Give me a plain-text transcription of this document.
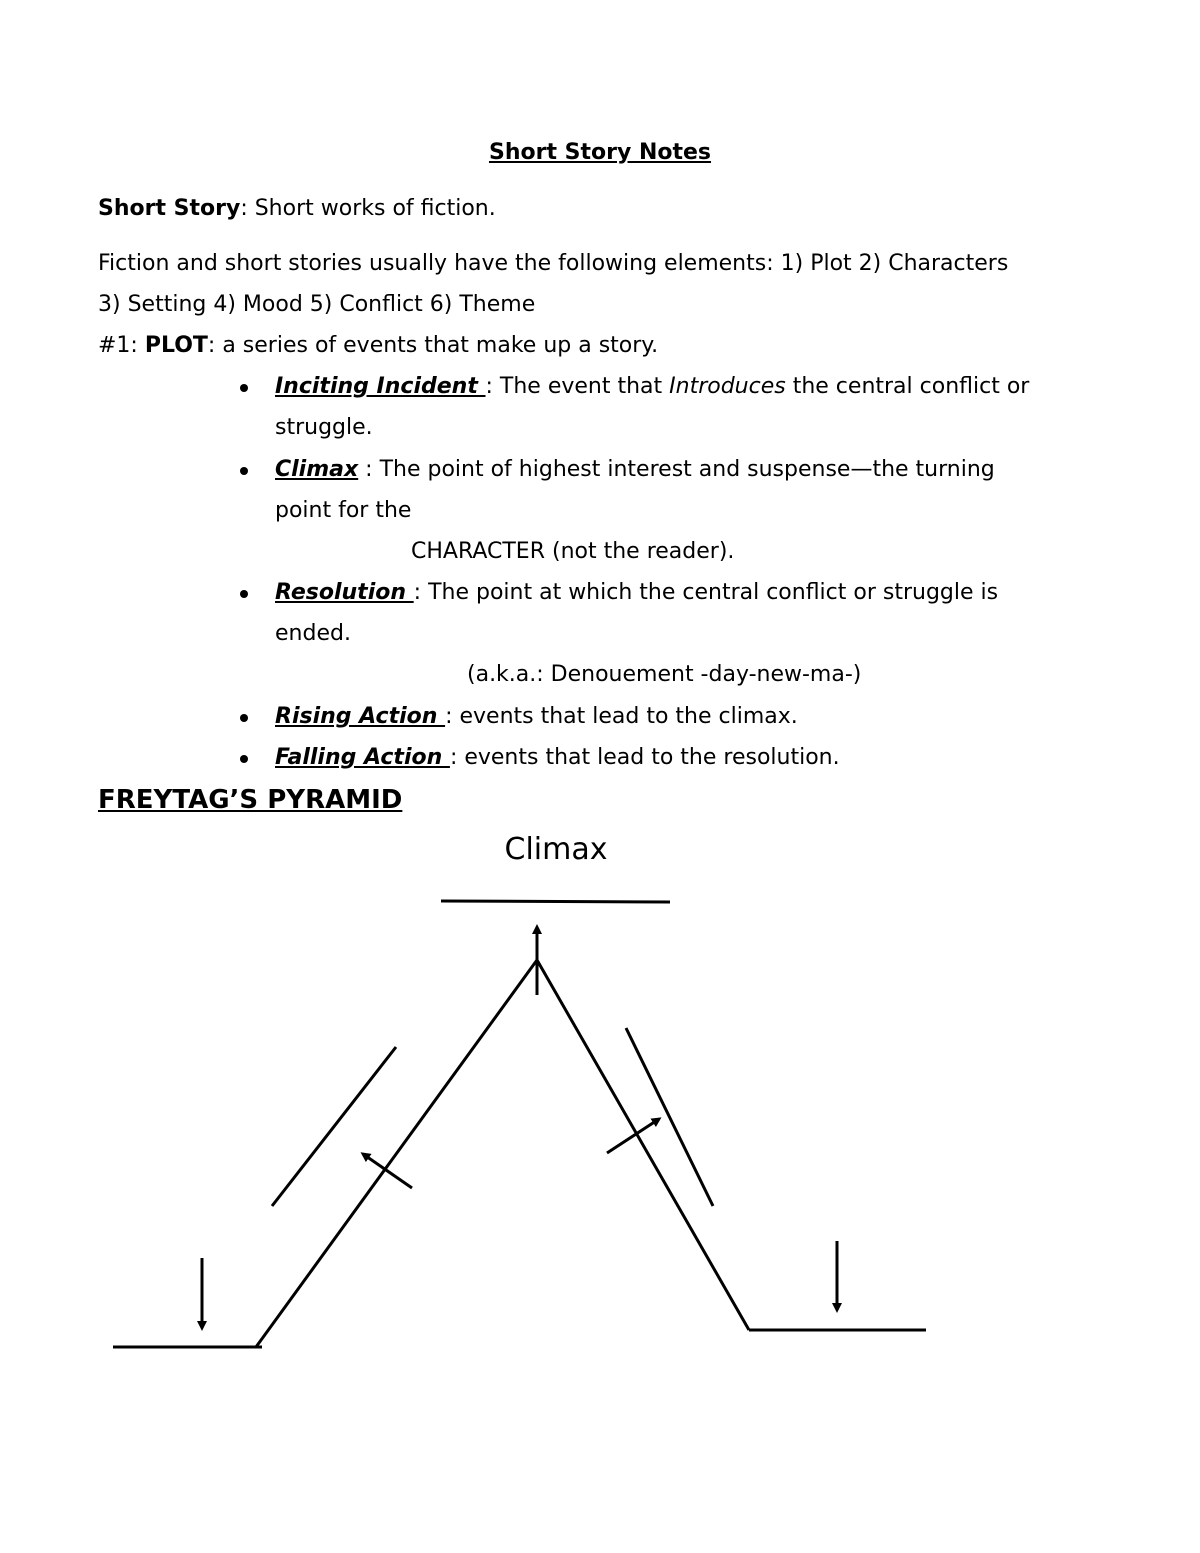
Short Story Notes
Short Story: Short works of fiction.
Fiction and short stories usually have the following elements: 1) Plot 2) Characters
3) Setting 4) Mood 5) Conflict 6) Theme
#1: PLOT: a series of events that make up a story.
Inciting Incident : The event that Introduces the central conflict or
struggle.
Climax : The point of highest interest and suspense—the turning
point for the
CHARACTER (not the reader).
Resolution : The point at which the central conflict or struggle is
ended.
(a.k.a.: Denouement -day-new-ma-)
Rising Action : events that lead to the climax.
Falling Action : events that lead to the resolution.
FREYTAG’S PYRAMID
Climax
